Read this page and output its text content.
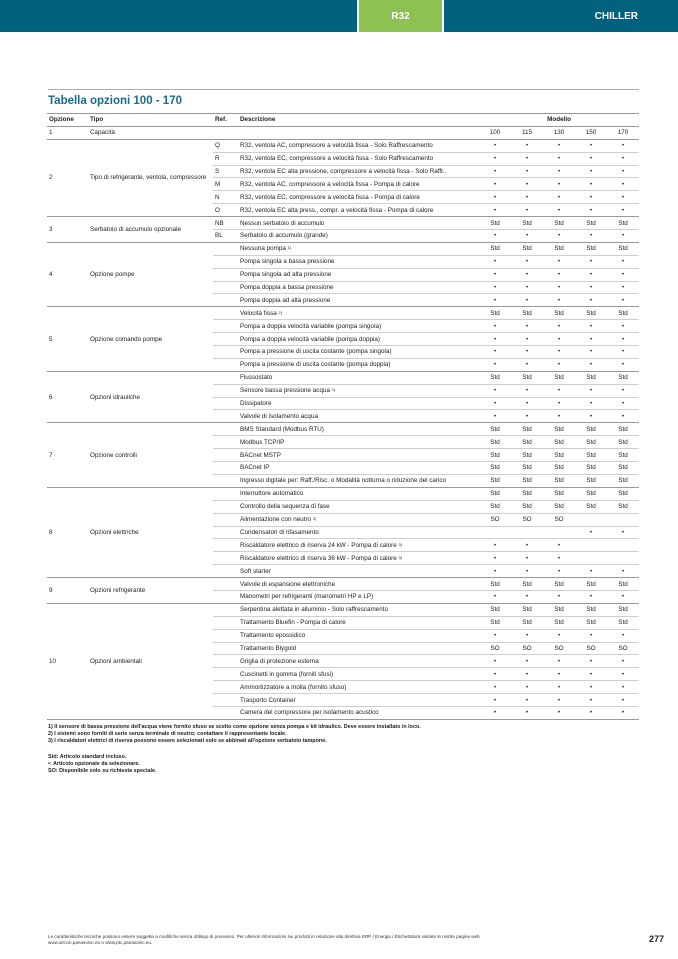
R32	CHILLER
Tabella opzioni 100 - 170
Opzione	Tipo	Ref.	Descrizione	Modello				
1	Capacità			100	115	130	150	170
2	Tipo di refrigerante, ventola, compressore	Q	R32, ventola AC, compressore a velocità fissa - Solo Raffrescamento	•	•	•	•	•
		R	R32, ventola EC, compressore a velocità fissa - Solo Raffrescamento	•	•	•	•	•
		S	R32, ventola EC alta pressione, compressore a velocità fissa - Solo Raffr..	•	•	•	•	•
		M	R32, ventola AC, compressore a velocità fissa - Pompa di calore	•	•	•	•	•
		N	R32, ventola EC, compressore a velocità fissa - Pompa di calore	•	•	•	•	•
		O	R32, ventola EC alta press., compr. a velocità fissa - Pompa di calore	•	•	•	•	•
3	Serbatoio di accumulo opzionale	NB	Nessun serbatoio di accumulo	Std	Std	Std	Std	Std
		BL	Serbatoio di accumulo (grande)	•	•	•	•	•
4	Opzione pompe		Nessuna pompa $^{1)}$	Std	Std	Std	Std	Std
			Pompa singola a bassa pressione	•	•	•	•	•
			Pompa singola ad alta pressione	•	•	•	•	•
			Pompa doppia a bassa pressione	•	•	•	•	•
			Pompa doppia ad alta pressione	•	•	•	•	•
5	Opzione comando pompe		Velocità fissa $^{2)}$	Std	Std	Std	Std	Std
			Pompa a doppia velocità variabile (pompa singola)	•	•	•	•	•
			Pompa a doppia velocità variabile (pompa doppia)	•	•	•	•	•
			Pompa a pressione di uscita costante (pompa singola)	•	•	•	•	•
			Pompa a pressione di uscita costante (pompa doppia)	•	•	•	•	•
6	Opzioni idrauliche		Flussostato	Std	Std	Std	Std	Std
			Sensore bassa pressione acqua $^{1)}$	•	•	•	•	•
			Dissipatore	•	•	•	•	•
			Valvole di isolamento acqua	•	•	•	•	•
7	Opzione controlli		BMS Standard (Modbus RTU)	Std	Std	Std	Std	Std
			Modbus TCP/IP	Std	Std	Std	Std	Std
			BACnet MSTP	Std	Std	Std	Std	Std
			BACnet IP	Std	Std	Std	Std	Std
			Ingresso digitale per: Raff./Risc. o Modalità notturna o riduzione del carico	Std	Std	Std	Std	Std
8	Opzioni elettriche		Interruttore automatico	Std	Std	Std	Std	Std
			Controllo della sequenza di fase	Std	Std	Std	Std	Std
			Alimentazione con neutro $^{2)}$	SO	SO	SO		
			Condensatori di rifasamento				•	•
			Riscaldatore elettrico di riserva 24 kW - Pompa di calore $^{3)}$	•	•	•		
			Riscaldatore elettrico di riserva 36 kW - Pompa di calore $^{3)}$	•	•	•		
			Soft starter	•	•	•	•	•
9	Opzioni refrigerante		Valvole di espansione elettroniche	Std	Std	Std	Std	Std
			Manometri per refrigeranti (manometri HP e LP)	•	•	•	•	•
10	Opzioni ambientali		Serpentina alettata in alluminio - Solo raffrescamento	Std	Std	Std	Std	Std
			Trattamento Bluefin - Pompa di calore	Std	Std	Std	Std	Std
			Trattamento epossidico	•	•	•	•	•
			Trattamento Blygold	SO	SO	SO	SO	SO
			Griglia di protezione esterna	•	•	•	•	•
			Cuscinetti in gomma (forniti sfusi)	•	•	•	•	•
			Ammortizzatore a molla (fornito sfuso)	•	•	•	•	•
			Trasporto Container	•	•	•	•	•
			Camera del compressore per isolamento acustico	•	•	•	•	•
1) Il sensore di bassa pressione dell'acqua viene fornito sfuso se scelto come opzione senza pompa e kit idraulico. Deve essere installato in loco.
2) I sistemi sono forniti di serie senza terminale di neutro; contattare il rappresentante locale.
3) I riscaldatori elettrici di riserva possono essere selezionati solo se abbinati all'opzione serbatoio tampone.
Std: Articolo standard incluso.
•: Articolo opzionale da selezionare.
SO: Disponibile solo su richiesta speciale.
Le caratteristiche tecniche possono essere soggette a modifiche senza obbligo di preavviso. Per ulteriori informazioni sui prodotti in relazione alla direttiva ERP / Energia / Etichettatura visitate le nostre pagine web
www.aircon.panasonic.eu o www.ptc.panasonic.eu.	277
